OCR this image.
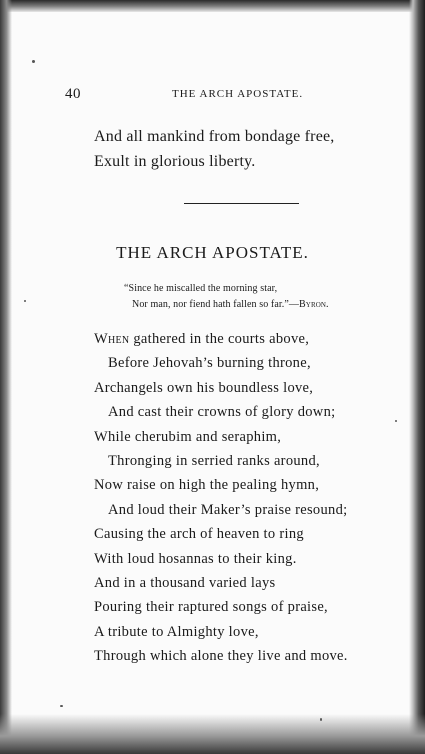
40	THE ARCH APOSTATE.
And all mankind from bondage free,
Exult in glorious liberty.
THE ARCH APOSTATE.
“Since he miscalled the morning star,
Nor man, nor fiend hath fallen so far.”—Byron.
When gathered in the courts above,
Before Jehovah’s burning throne,
Archangels own his boundless love,
And cast their crowns of glory down;
While cherubim and seraphim,
Thronging in serried ranks around,
Now raise on high the pealing hymn,
And loud their Maker’s praise resound;
Causing the arch of heaven to ring
With loud hosannas to their king.
And in a thousand varied lays
Pouring their raptured songs of praise,
A tribute to Almighty love,
Through which alone they live and move.
